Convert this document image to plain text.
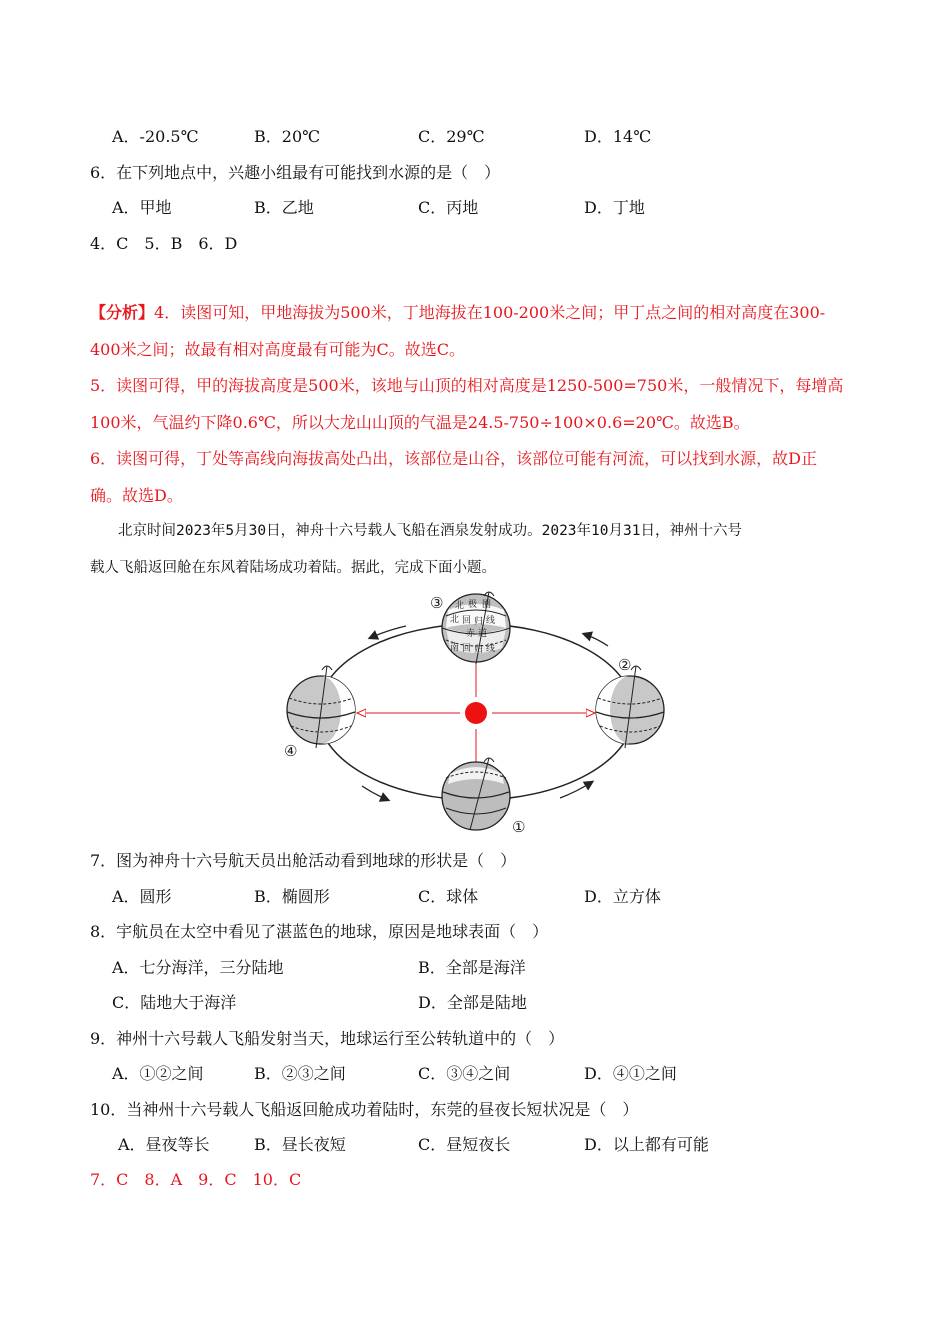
A．-20.5℃	B．20℃	C．29℃	D．14℃
6．在下列地点中，兴趣小组最有可能找到水源的是（　）
A．甲地	B．乙地	C．丙地	D．丁地
4．C　5．B　6．D
【分析】4．读图可知，甲地海拔为500米，丁地海拔在100-200米之间；甲丁点之间的相对高度在300-
400米之间；故最有相对高度最有可能为C。故选C。
5．读图可得，甲的海拔高度是500米，该地与山顶的相对高度是1250-500=750米，一般情况下，每增高
100米，气温约下降0.6℃，所以大龙山山顶的气温是24.5-750÷100×0.6=20℃。故选B。
6．读图可得，丁处等高线向海拔高处凸出，该部位是山谷，该部位可能有河流，可以找到水源，故D正
确。故选D。
北京时间2023年5月30日，神舟十六号载人飞船在酒泉发射成功。2023年10月31日，神州十六号
载人飞船返回舱在东风着陆场成功着陆。据此，完成下面小题。
北 极 圈
北 回 归 线
赤 道
南 回 归 线
③
④
②
①
7．图为神舟十六号航天员出舱活动看到地球的形状是（　）
A．圆形	B．椭圆形	C．球体	D．立方体
8．宇航员在太空中看见了湛蓝色的地球，原因是地球表面（　）
A．七分海洋，三分陆地	B．全部是海洋
C．陆地大于海洋	D．全部是陆地
9．神州十六号载人飞船发射当天，地球运行至公转轨道中的（　）
A．①②之间	B．②③之间	C．③④之间	D．④①之间
10．当神州十六号载人飞船返回舱成功着陆时，东莞的昼夜长短状况是（　）
A．昼夜等长	B．昼长夜短	C．昼短夜长	D．以上都有可能
7．C　8．A　9．C　10．C
